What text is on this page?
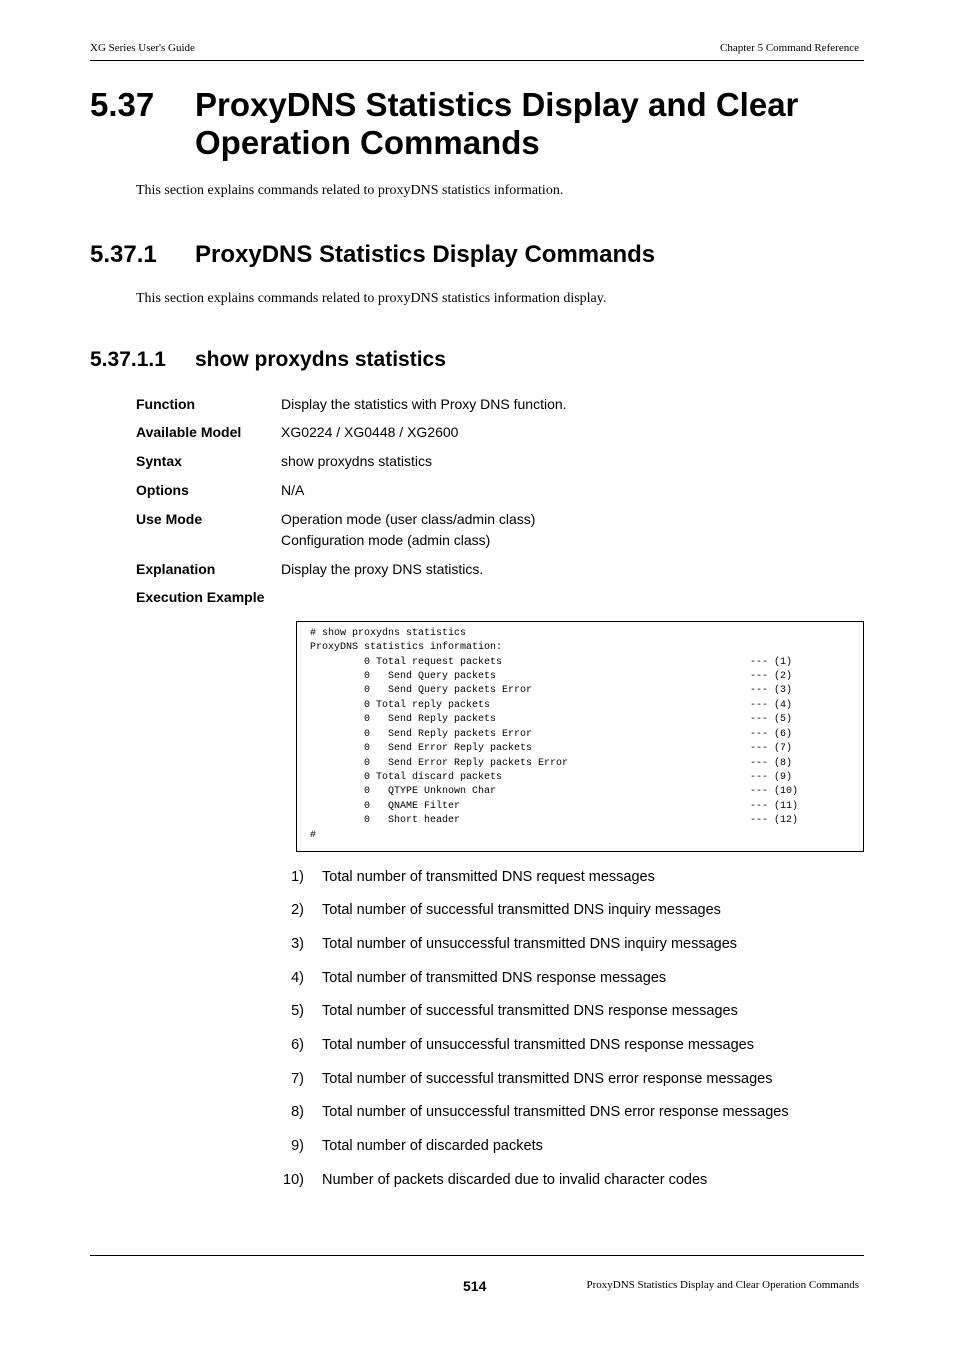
XG Series User's Guide	Chapter 5 Command Reference
5.37 ProxyDNS Statistics Display and Clear Operation Commands
This section explains commands related to proxyDNS statistics information.
5.37.1 ProxyDNS Statistics Display Commands
This section explains commands related to proxyDNS statistics information display.
5.37.1.1 show proxydns statistics
Function	Display the statistics with Proxy DNS function.
Available Model	XG0224 / XG0448 / XG2600
Syntax	show proxydns statistics
Options	N/A
Use Mode	Operation mode (user class/admin class)
Configuration mode (admin class)
Explanation	Display the proxy DNS statistics.
Execution Example
# show proxydns statistics
ProxyDNS statistics information:
0 Total request packets	--- (1)
0   Send Query packets	--- (2)
0   Send Query packets Error	--- (3)
0 Total reply packets	--- (4)
0   Send Reply packets	--- (5)
0   Send Reply packets Error	--- (6)
0   Send Error Reply packets	--- (7)
0   Send Error Reply packets Error	--- (8)
0 Total discard packets	--- (9)
0   QTYPE Unknown Char	--- (10)
0   QNAME Filter	--- (11)
0   Short header	--- (12)
#
1) Total number of transmitted DNS request messages
2) Total number of successful transmitted DNS inquiry messages
3) Total number of unsuccessful transmitted DNS inquiry messages
4) Total number of transmitted DNS response messages
5) Total number of successful transmitted DNS response messages
6) Total number of unsuccessful transmitted DNS response messages
7) Total number of successful transmitted DNS error response messages
8) Total number of unsuccessful transmitted DNS error response messages
9) Total number of discarded packets
10) Number of packets discarded due to invalid character codes
514	ProxyDNS Statistics Display and Clear Operation Commands
